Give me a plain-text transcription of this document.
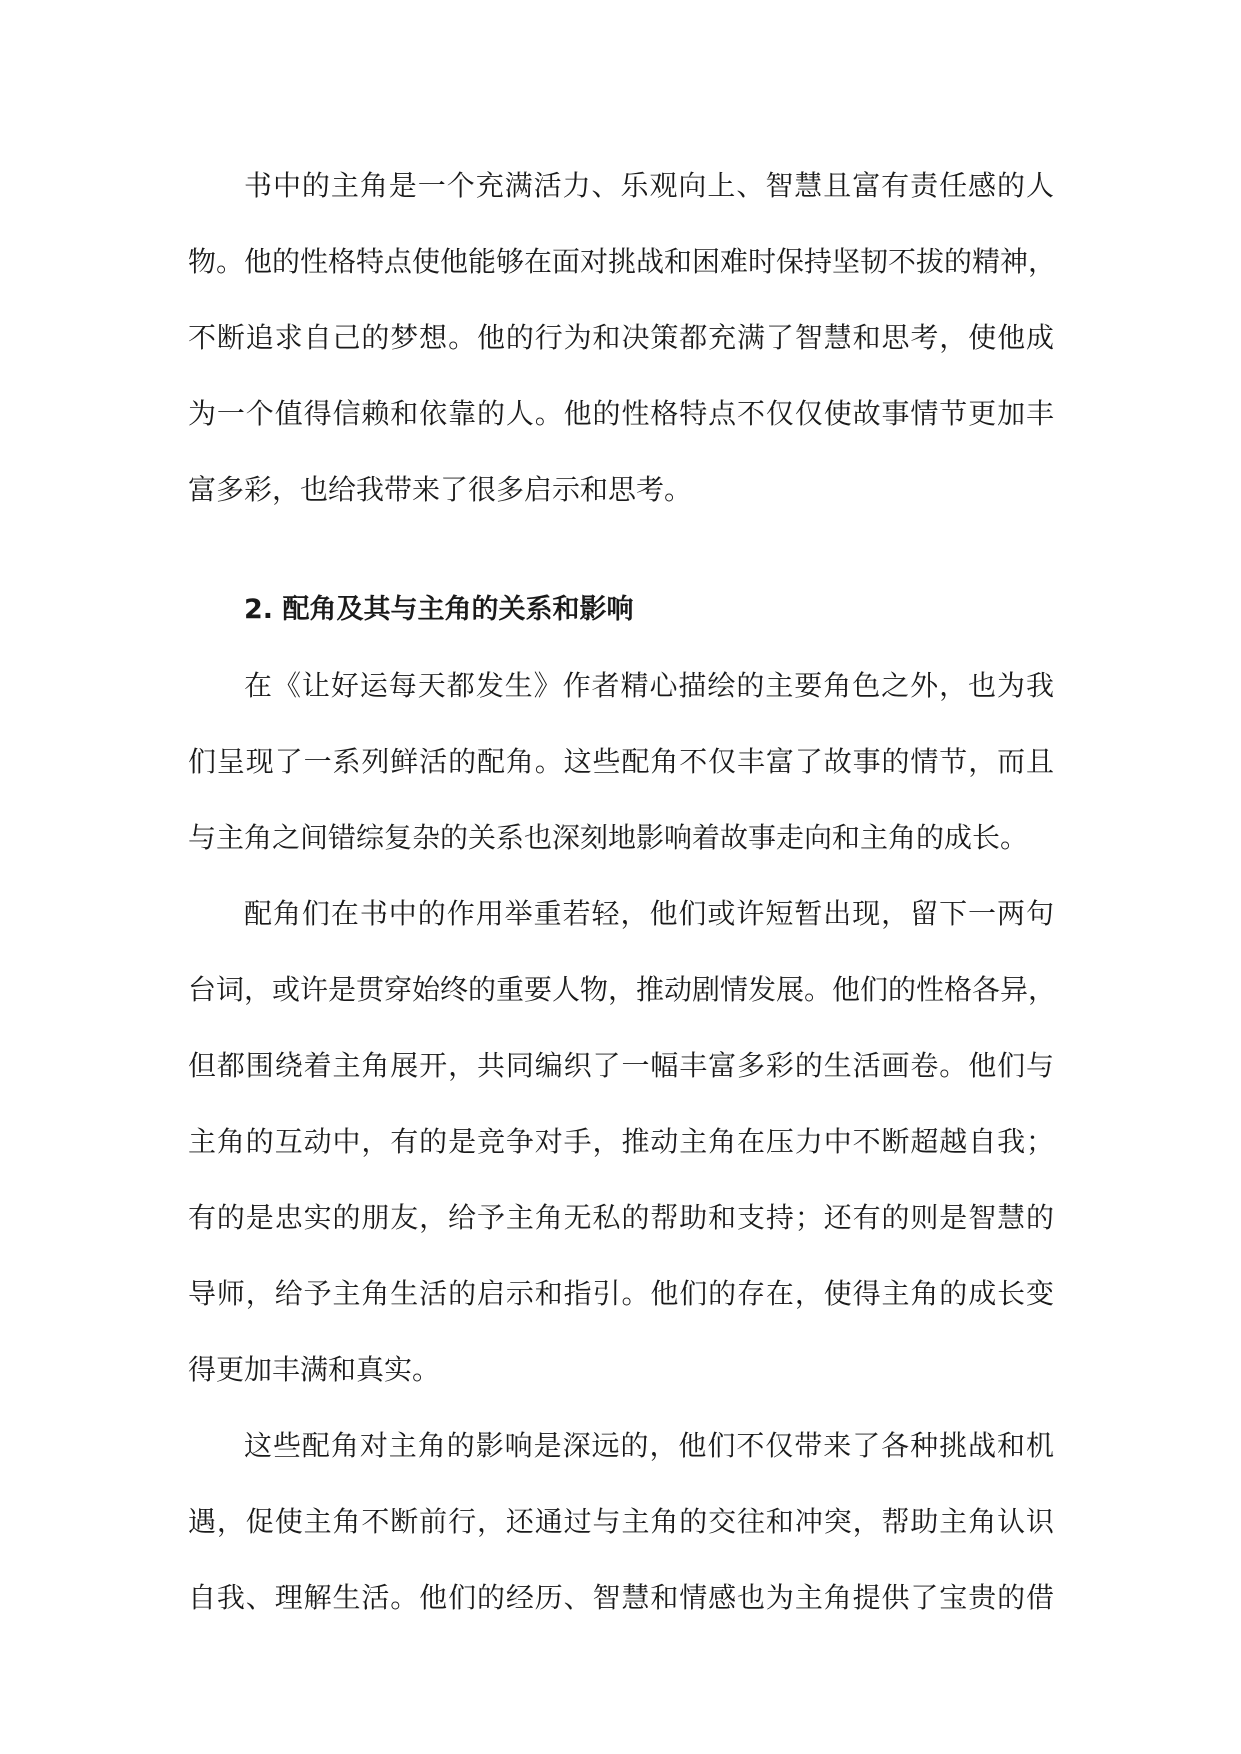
书中的主角是一个充满活力、乐观向上、智慧且富有责任感的人
物。他的性格特点使他能够在面对挑战和困难时保持坚韧不拔的精神，
不断追求自己的梦想。他的行为和决策都充满了智慧和思考，使他成
为一个值得信赖和依靠的人。他的性格特点不仅仅使故事情节更加丰
富多彩，也给我带来了很多启示和思考。
2. 配角及其与主角的关系和影响
在《让好运每天都发生》作者精心描绘的主要角色之外，也为我
们呈现了一系列鲜活的配角。这些配角不仅丰富了故事的情节，而且
与主角之间错综复杂的关系也深刻地影响着故事走向和主角的成长。
配角们在书中的作用举重若轻，他们或许短暂出现，留下一两句
台词，或许是贯穿始终的重要人物，推动剧情发展。他们的性格各异，
但都围绕着主角展开，共同编织了一幅丰富多彩的生活画卷。他们与
主角的互动中，有的是竞争对手，推动主角在压力中不断超越自我；
有的是忠实的朋友，给予主角无私的帮助和支持；还有的则是智慧的
导师，给予主角生活的启示和指引。他们的存在，使得主角的成长变
得更加丰满和真实。
这些配角对主角的影响是深远的，他们不仅带来了各种挑战和机
遇，促使主角不断前行，还通过与主角的交往和冲突，帮助主角认识
自我、理解生活。他们的经历、智慧和情感也为主角提供了宝贵的借
